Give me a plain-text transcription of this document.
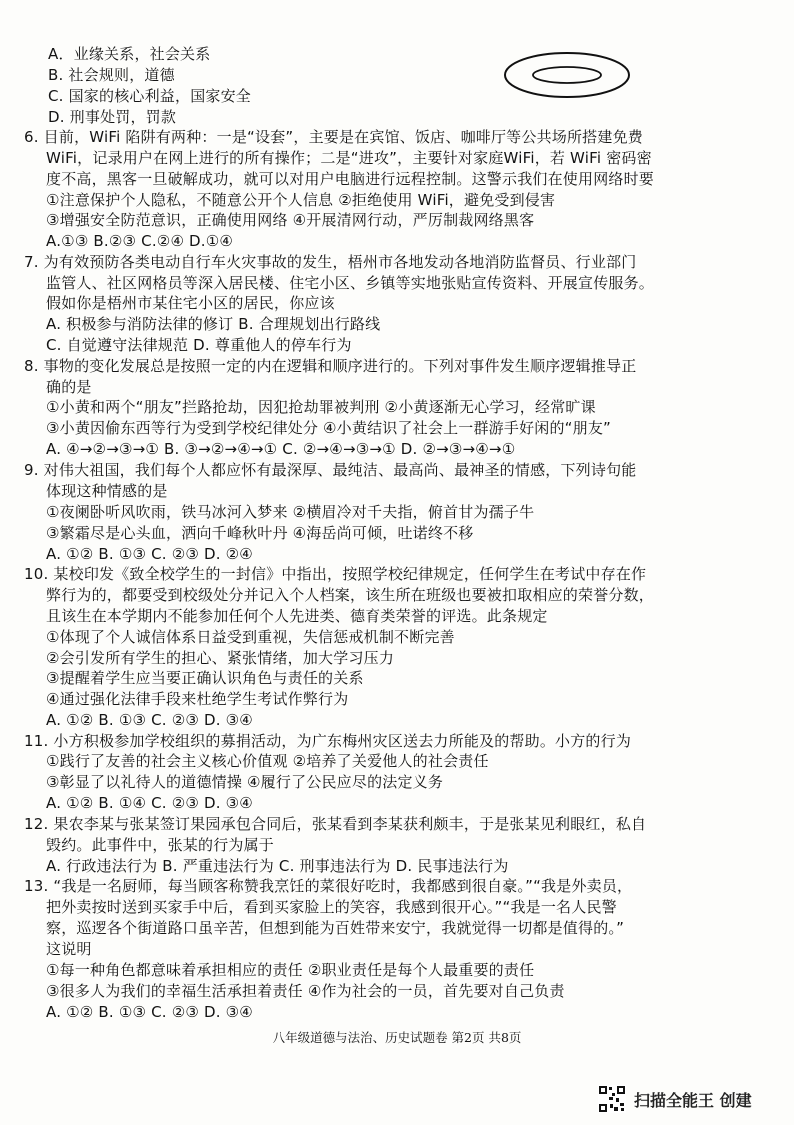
A．业缘关系，社会关系
B. 社会规则，道德
C. 国家的核心利益，国家安全
D. 刑事处罚，罚款
6. 目前，WiFi 陷阱有两种：一是“设套”，主要是在宾馆、饭店、咖啡厅等公共场所搭建免费
WiFi，记录用户在网上进行的所有操作；二是“进攻”，主要针对家庭WiFi，若 WiFi 密码密
度不高，黑客一旦破解成功，就可以对用户电脑进行远程控制。这警示我们在使用网络时要
①注意保护个人隐私，不随意公开个人信息 ②拒绝使用 WiFi，避免受到侵害
③增强安全防范意识，正确使用网络 ④开展清网行动，严厉制裁网络黑客
A.①③ B.②③ C.②④ D.①④
7. 为有效预防各类电动自行车火灾事故的发生，梧州市各地发动各地消防监督员、行业部门
监管人、社区网格员等深入居民楼、住宅小区、乡镇等实地张贴宣传资料、开展宣传服务。
假如你是梧州市某住宅小区的居民，你应该
A. 积极参与消防法律的修订 B. 合理规划出行路线
C. 自觉遵守法律规范 D. 尊重他人的停车行为
8. 事物的变化发展总是按照一定的内在逻辑和顺序进行的。下列对事件发生顺序逻辑推导正
确的是
①小黄和两个“朋友”拦路抢劫，因犯抢劫罪被判刑 ②小黄逐渐无心学习，经常旷课
③小黄因偷东西等行为受到学校纪律处分 ④小黄结识了社会上一群游手好闲的“朋友”
A. ④→②→③→① B. ③→②→④→① C. ②→④→③→① D. ②→③→④→①
9. 对伟大祖国，我们每个人都应怀有最深厚、最纯洁、最高尚、最神圣的情感，下列诗句能
体现这种情感的是
①夜阑卧听风吹雨，铁马冰河入梦来 ②横眉冷对千夫指，俯首甘为孺子牛
③繁霜尽是心头血，洒向千峰秋叶丹 ④海岳尚可倾，吐诺终不移
A. ①② B. ①③ C. ②③ D. ②④
10. 某校印发《致全校学生的一封信》中指出，按照学校纪律规定，任何学生在考试中存在作
弊行为的，都要受到校级处分并记入个人档案，该生所在班级也要被扣取相应的荣誉分数，
且该生在本学期内不能参加任何个人先进类、德育类荣誉的评选。此条规定
①体现了个人诚信体系日益受到重视，失信惩戒机制不断完善
②会引发所有学生的担心、紧张情绪，加大学习压力
③提醒着学生应当要正确认识角色与责任的关系
④通过强化法律手段来杜绝学生考试作弊行为
A. ①② B. ①③ C. ②③ D. ③④
11. 小方积极参加学校组织的募捐活动，为广东梅州灾区送去力所能及的帮助。小方的行为
①践行了友善的社会主义核心价值观 ②培养了关爱他人的社会责任
③彰显了以礼待人的道德情操 ④履行了公民应尽的法定义务
A. ①② B. ①④ C. ②③ D. ③④
12. 果农李某与张某签订果园承包合同后，张某看到李某获利颇丰，于是张某见利眼红，私自
毁约。此事件中，张某的行为属于
A. 行政违法行为 B. 严重违法行为 C. 刑事违法行为 D. 民事违法行为
13. “我是一名厨师，每当顾客称赞我烹饪的菜很好吃时，我都感到很自豪。”“我是外卖员，
把外卖按时送到买家手中后，看到买家脸上的笑容，我感到很开心。”“我是一名人民警
察，巡逻各个街道路口虽辛苦，但想到能为百姓带来安宁，我就觉得一切都是值得的。”
这说明
①每一种角色都意味着承担相应的责任 ②职业责任是每个人最重要的责任
③很多人为我们的幸福生活承担着责任 ④作为社会的一员，首先要对自己负责
A. ①② B. ①③ C. ②③ D. ③④
八年级道德与法治、历史试题卷 第2页 共8页
扫描全能王 创建
